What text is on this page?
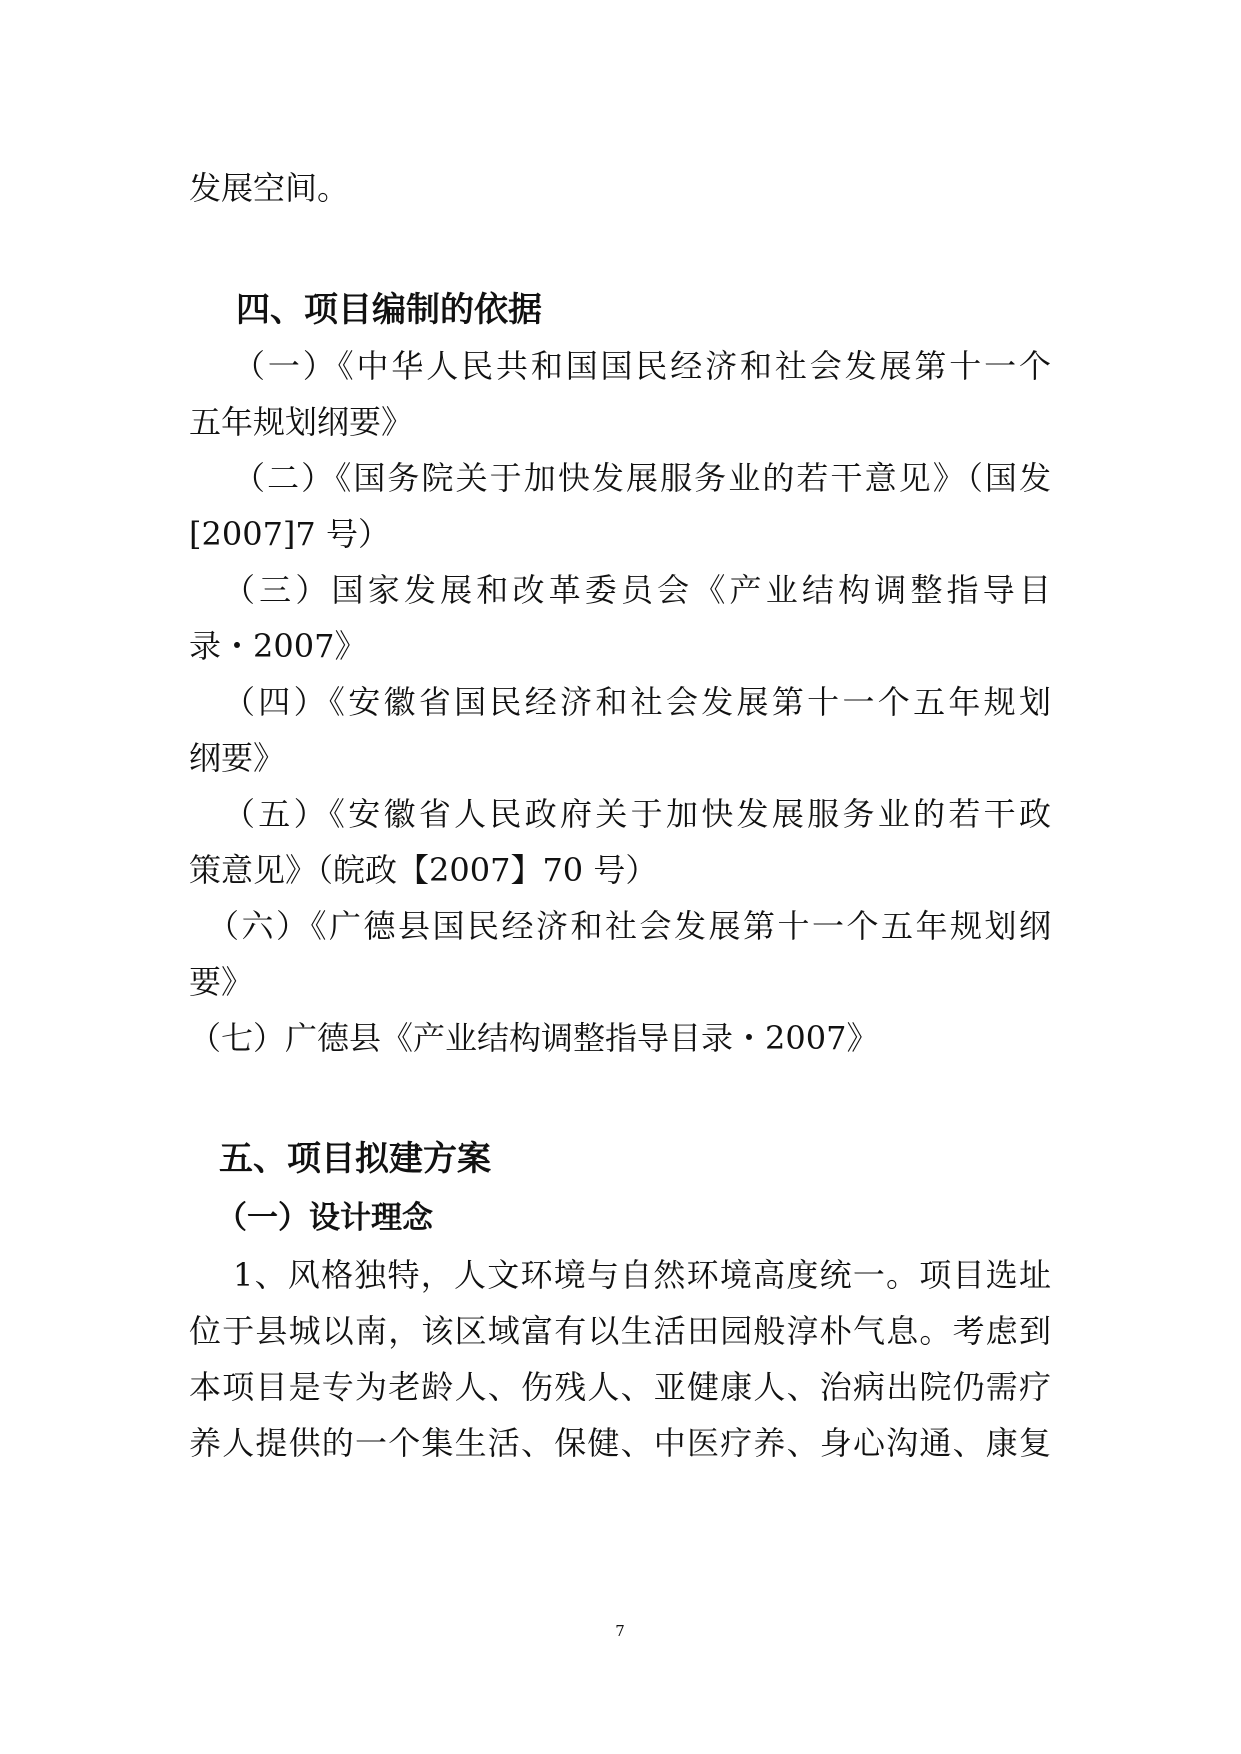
发展空间。
四、项目编制的依据
（一）《中华人民共和国国民经济和社会发展第十一个
五年规划纲要》
（二）《国务院关于加快发展服务业的若干意见》（国发
[2007]7 号）
（三）国家发展和改革委员会《产业结构调整指导目
录・2007》
（四）《安徽省国民经济和社会发展第十一个五年规划
纲要》
（五）《安徽省人民政府关于加快发展服务业的若干政
策意见》（皖政【2007】70 号）
（六）《广德县国民经济和社会发展第十一个五年规划纲
要》
（七）广德县《产业结构调整指导目录・2007》
五、项目拟建方案
（一）设计理念
1、风格独特，人文环境与自然环境高度统一。项目选址
位于县城以南，该区域富有以生活田园般淳朴气息。考虑到
本项目是专为老龄人、伤残人、亚健康人、治病出院仍需疗
养人提供的一个集生活、保健、中医疗养、身心沟通、康复
7
